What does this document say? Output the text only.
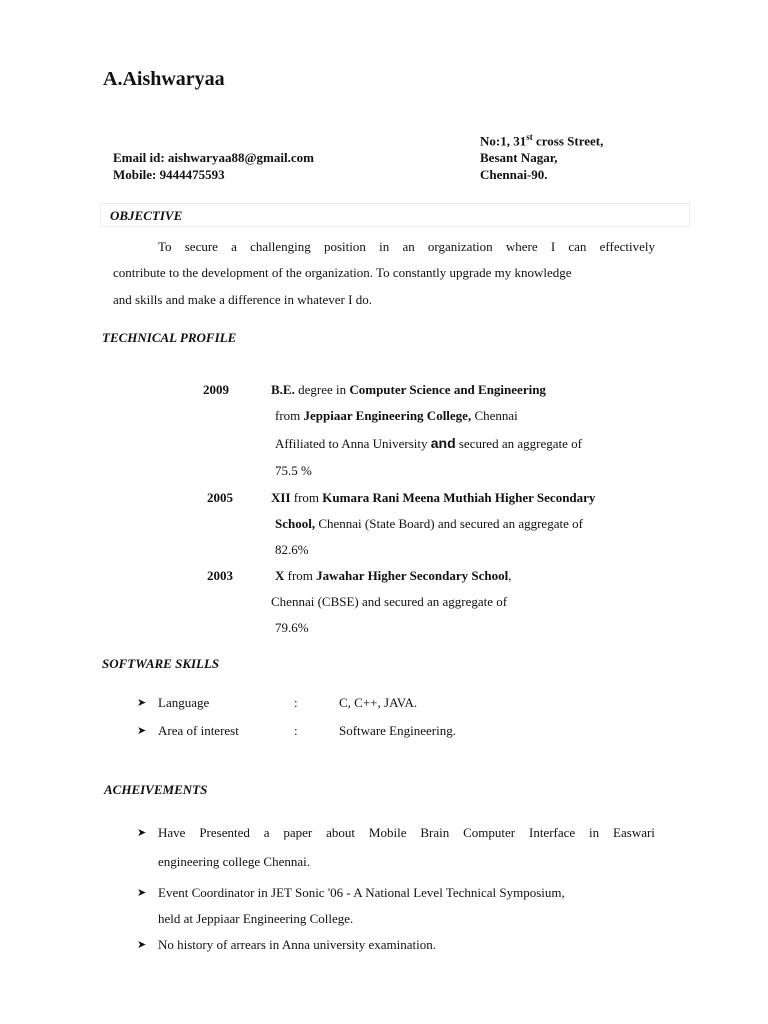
A.Aishwaryaa
No:1, 31st cross Street,
Email id: aishwaryaa88@gmail.com	Besant Nagar,
Mobile: 9444475593	Chennai-90.
OBJECTIVE
To secure a challenging position in an organization where I can effectively
contribute to the development of the organization. To constantly upgrade my knowledge
and skills and make a difference in whatever I do.
TECHNICAL PROFILE
2009	B.E. degree in Computer Science and Engineering
from Jeppiaar Engineering College, Chennai
Affiliated to Anna University and secured an aggregate of
75.5 %
2005	XII from Kumara Rani Meena Muthiah Higher Secondary
School, Chennai (State Board) and secured an aggregate of
82.6%
2003	X from Jawahar Higher Secondary School,
Chennai (CBSE) and secured an aggregate of
79.6%
SOFTWARE SKILLS
➤ Language	:	C, C++, JAVA.
➤ Area of interest	:	Software Engineering.
ACHEIVEMENTS
➤ Have Presented a paper about Mobile Brain Computer Interface in Easwari
engineering college Chennai.
➤ Event Coordinator in JET Sonic '06 - A National Level Technical Symposium,
held at Jeppiaar Engineering College.
➤ No history of arrears in Anna university examination.
